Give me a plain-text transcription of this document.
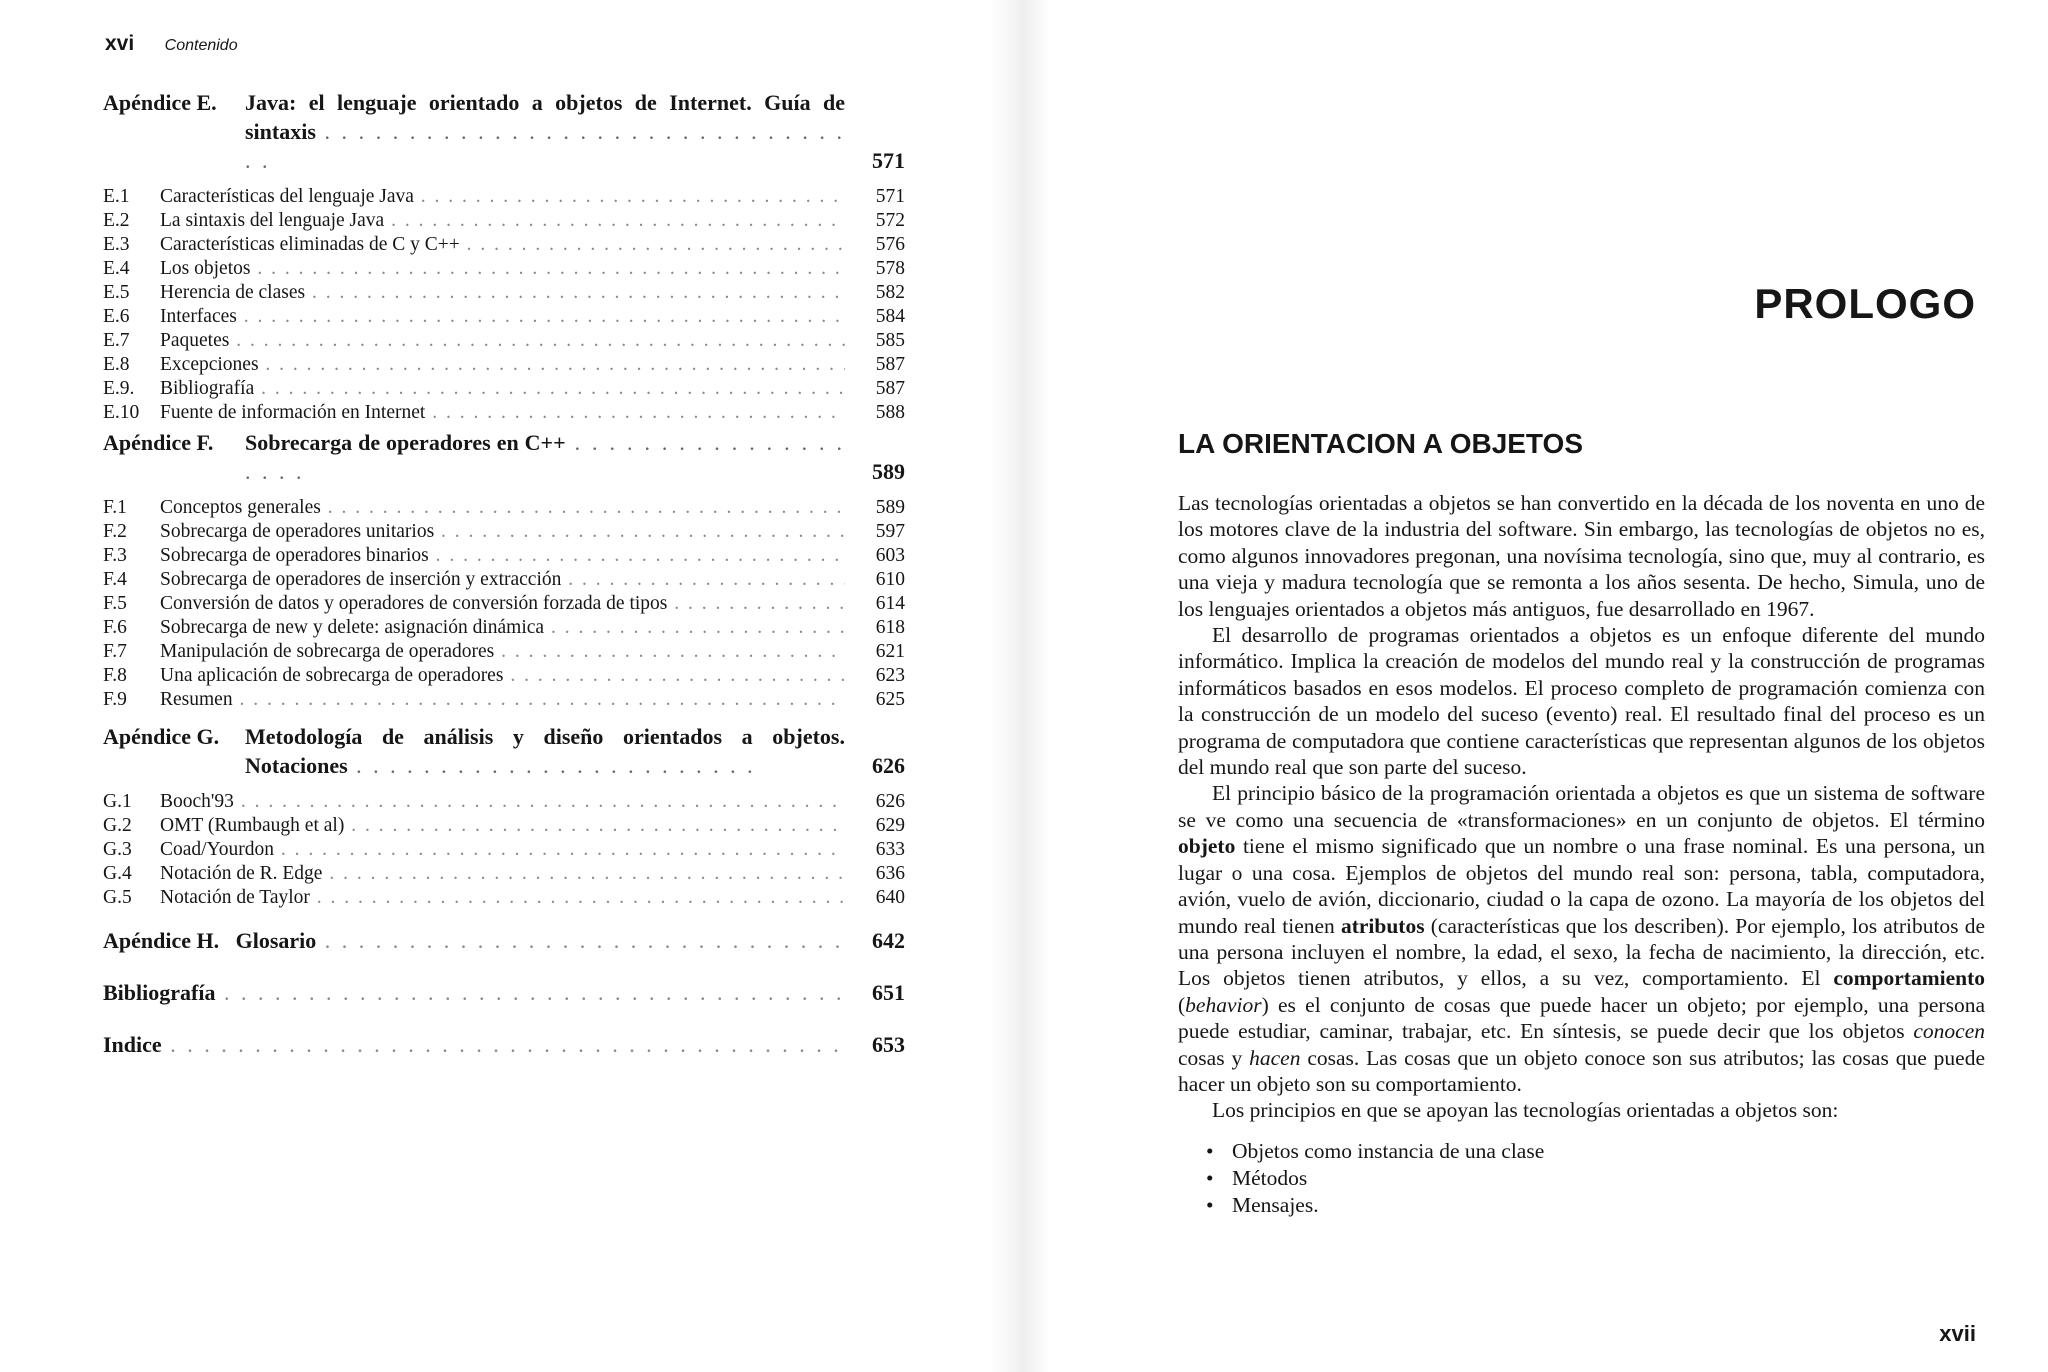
xvi Contenido
Apéndice E. Java: el lenguaje orientado a objetos de Internet. Guía de sintaxis . . . . . . . . . . . . . . . . . . . . . . . . . . . . . . . . .	571
E.1	Características del lenguaje Java . . .	571
E.2	La sintaxis del lenguaje Java . . .	572
E.3	Características eliminadas de C y C++ . . .	576
E.4	Los objetos . . .	578
E.5	Herencia de clases . . .	582
E.6	Interfaces . . .	584
E.7	Paquetes . . .	585
E.8	Excepciones . . .	587
E.9.	Bibliografía . . .	587
E.10	Fuente de información en Internet . . .	588
Apéndice F. Sobrecarga de operadores en C++ . . . . . . . . . . . . . . . . . . . .	589
F.1	Conceptos generales . . .	589
F.2	Sobrecarga de operadores unitarios . . .	597
F.3	Sobrecarga de operadores binarios . . .	603
F.4	Sobrecarga de operadores de inserción y extracción . . .	610
F.5	Conversión de datos y operadores de conversión forzada de tipos . . .	614
F.6	Sobrecarga de new y delete: asignación dinámica . . .	618
F.7	Manipulación de sobrecarga de operadores . . .	621
F.8	Una aplicación de sobrecarga de operadores . . .	623
F.9	Resumen . . .	625
Apéndice G. Metodología de análisis y diseño orientados a objetos. Notaciones . . . . . . . . . . . . . . . . . . . . . . . .	626
G.1	Booch'93 . . .	626
G.2	OMT (Rumbaugh et al) . . .	629
G.3	Coad/Yourdon . . .	633
G.4	Notación de R. Edge . . .	636
G.5	Notación de Taylor . . .	640
Apéndice H.   Glosario . . .	642
Bibliografía . . .	651
Indice . . .	653
PROLOGO
LA ORIENTACION A OBJETOS

Las tecnologías orientadas a objetos se han convertido en la década de los noventa en uno de los motores clave de la industria del software. Sin embargo, las tecnologías de objetos no es, como algunos innovadores pregonan, una novísima tecnología, sino que, muy al contrario, es una vieja y madura tecnología que se remonta a los años sesenta. De hecho, Simula, uno de los lenguajes orientados a objetos más antiguos, fue desarrollado en 1967.

El desarrollo de programas orientados a objetos es un enfoque diferente del mundo informático. Implica la creación de modelos del mundo real y la construcción de programas informáticos basados en esos modelos. El proceso completo de programación comienza con la construcción de un modelo del suceso (evento) real. El resultado final del proceso es un programa de computadora que contiene características que representan algunos de los objetos del mundo real que son parte del suceso.

El principio básico de la programación orientada a objetos es que un sistema de software se ve como una secuencia de «transformaciones» en un conjunto de objetos. El término objeto tiene el mismo significado que un nombre o una frase nominal. Es una persona, un lugar o una cosa. Ejemplos de objetos del mundo real son: persona, tabla, computadora, avión, vuelo de avión, diccionario, ciudad o la capa de ozono. La mayoría de los objetos del mundo real tienen atributos (características que los describen). Por ejemplo, los atributos de una persona incluyen el nombre, la edad, el sexo, la fecha de nacimiento, la dirección, etc. Los objetos tienen atributos, y ellos, a su vez, comportamiento. El comportamiento (behavior) es el conjunto de cosas que puede hacer un objeto; por ejemplo, una persona puede estudiar, caminar, trabajar, etc. En síntesis, se puede decir que los objetos conocen cosas y hacen cosas. Las cosas que un objeto conoce son sus atributos; las cosas que puede hacer un objeto son su comportamiento.

Los principios en que se apoyan las tecnologías orientadas a objetos son:

• Objetos como instancia de una clase
• Métodos
• Mensajes.
xvii
